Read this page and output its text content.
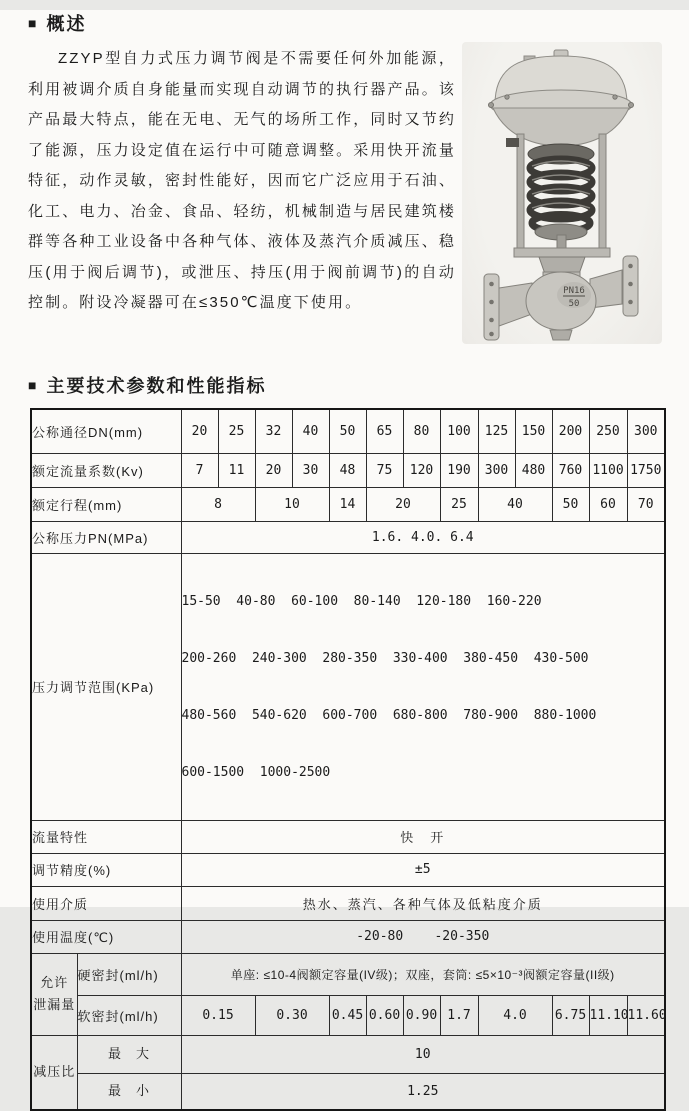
■ 概述

ZZYP型自力式压力调节阀是不需要任何外加能源，利用被调介质自身能量而实现自动调节的执行器产品。该产品最大特点，能在无电、无气的场所工作，同时又节约了能源，压力设定值在运行中可随意调整。采用快开流量特征，动作灵敏，密封性能好，因而它广泛应用于石油、化工、电力、冶金、食品、轻纺，机械制造与居民建筑楼群等各种工业设备中各种气体、液体及蒸汽介质减压、稳压(用于阀后调节)，或泄压、持压(用于阀前调节)的自动控制。附设冷凝器可在≤350℃温度下使用。

PN16
50
■ 主要技术参数和性能指标
公称通径DN(mm)		20	25	32	40	50	65	80	100	125	150	200	250	300
额定流量系数(Kv)		7	11	20	30	48	75	120	190	300	480	760	1100	1750
额定行程(mm)		8		10		14	20		25	40		50	60	70
公称压力PN(MPa)		1.6. 4.0. 6.4												
压力调节范围(KPa)		15-50  40-80  60-100  80-140  120-180  160-220

200-260  240-300  280-350  330-400  380-450  430-500

480-560  540-620  600-700  680-800  780-900  880-1000

600-1500  1000-2500												

流量特性		快　开												
调节精度(%)		±5												
使用介质		热水、蒸汽、各种气体及低粘度介质												
使用温度(℃)		-20-80    -20-350												

允许
泄漏量	硬密封(ml/h)	单座: ≤10-4阀额定容量(IV级)；双座，套筒: ≤5×10⁻³阀额定容量(II级)												
	软密封(ml/h)	0.15		0.30		0.45	0.60	0.90	1.7	4.0		6.75	11.10	11.60
减压比	最　大	10												
	最　小	1.25												
